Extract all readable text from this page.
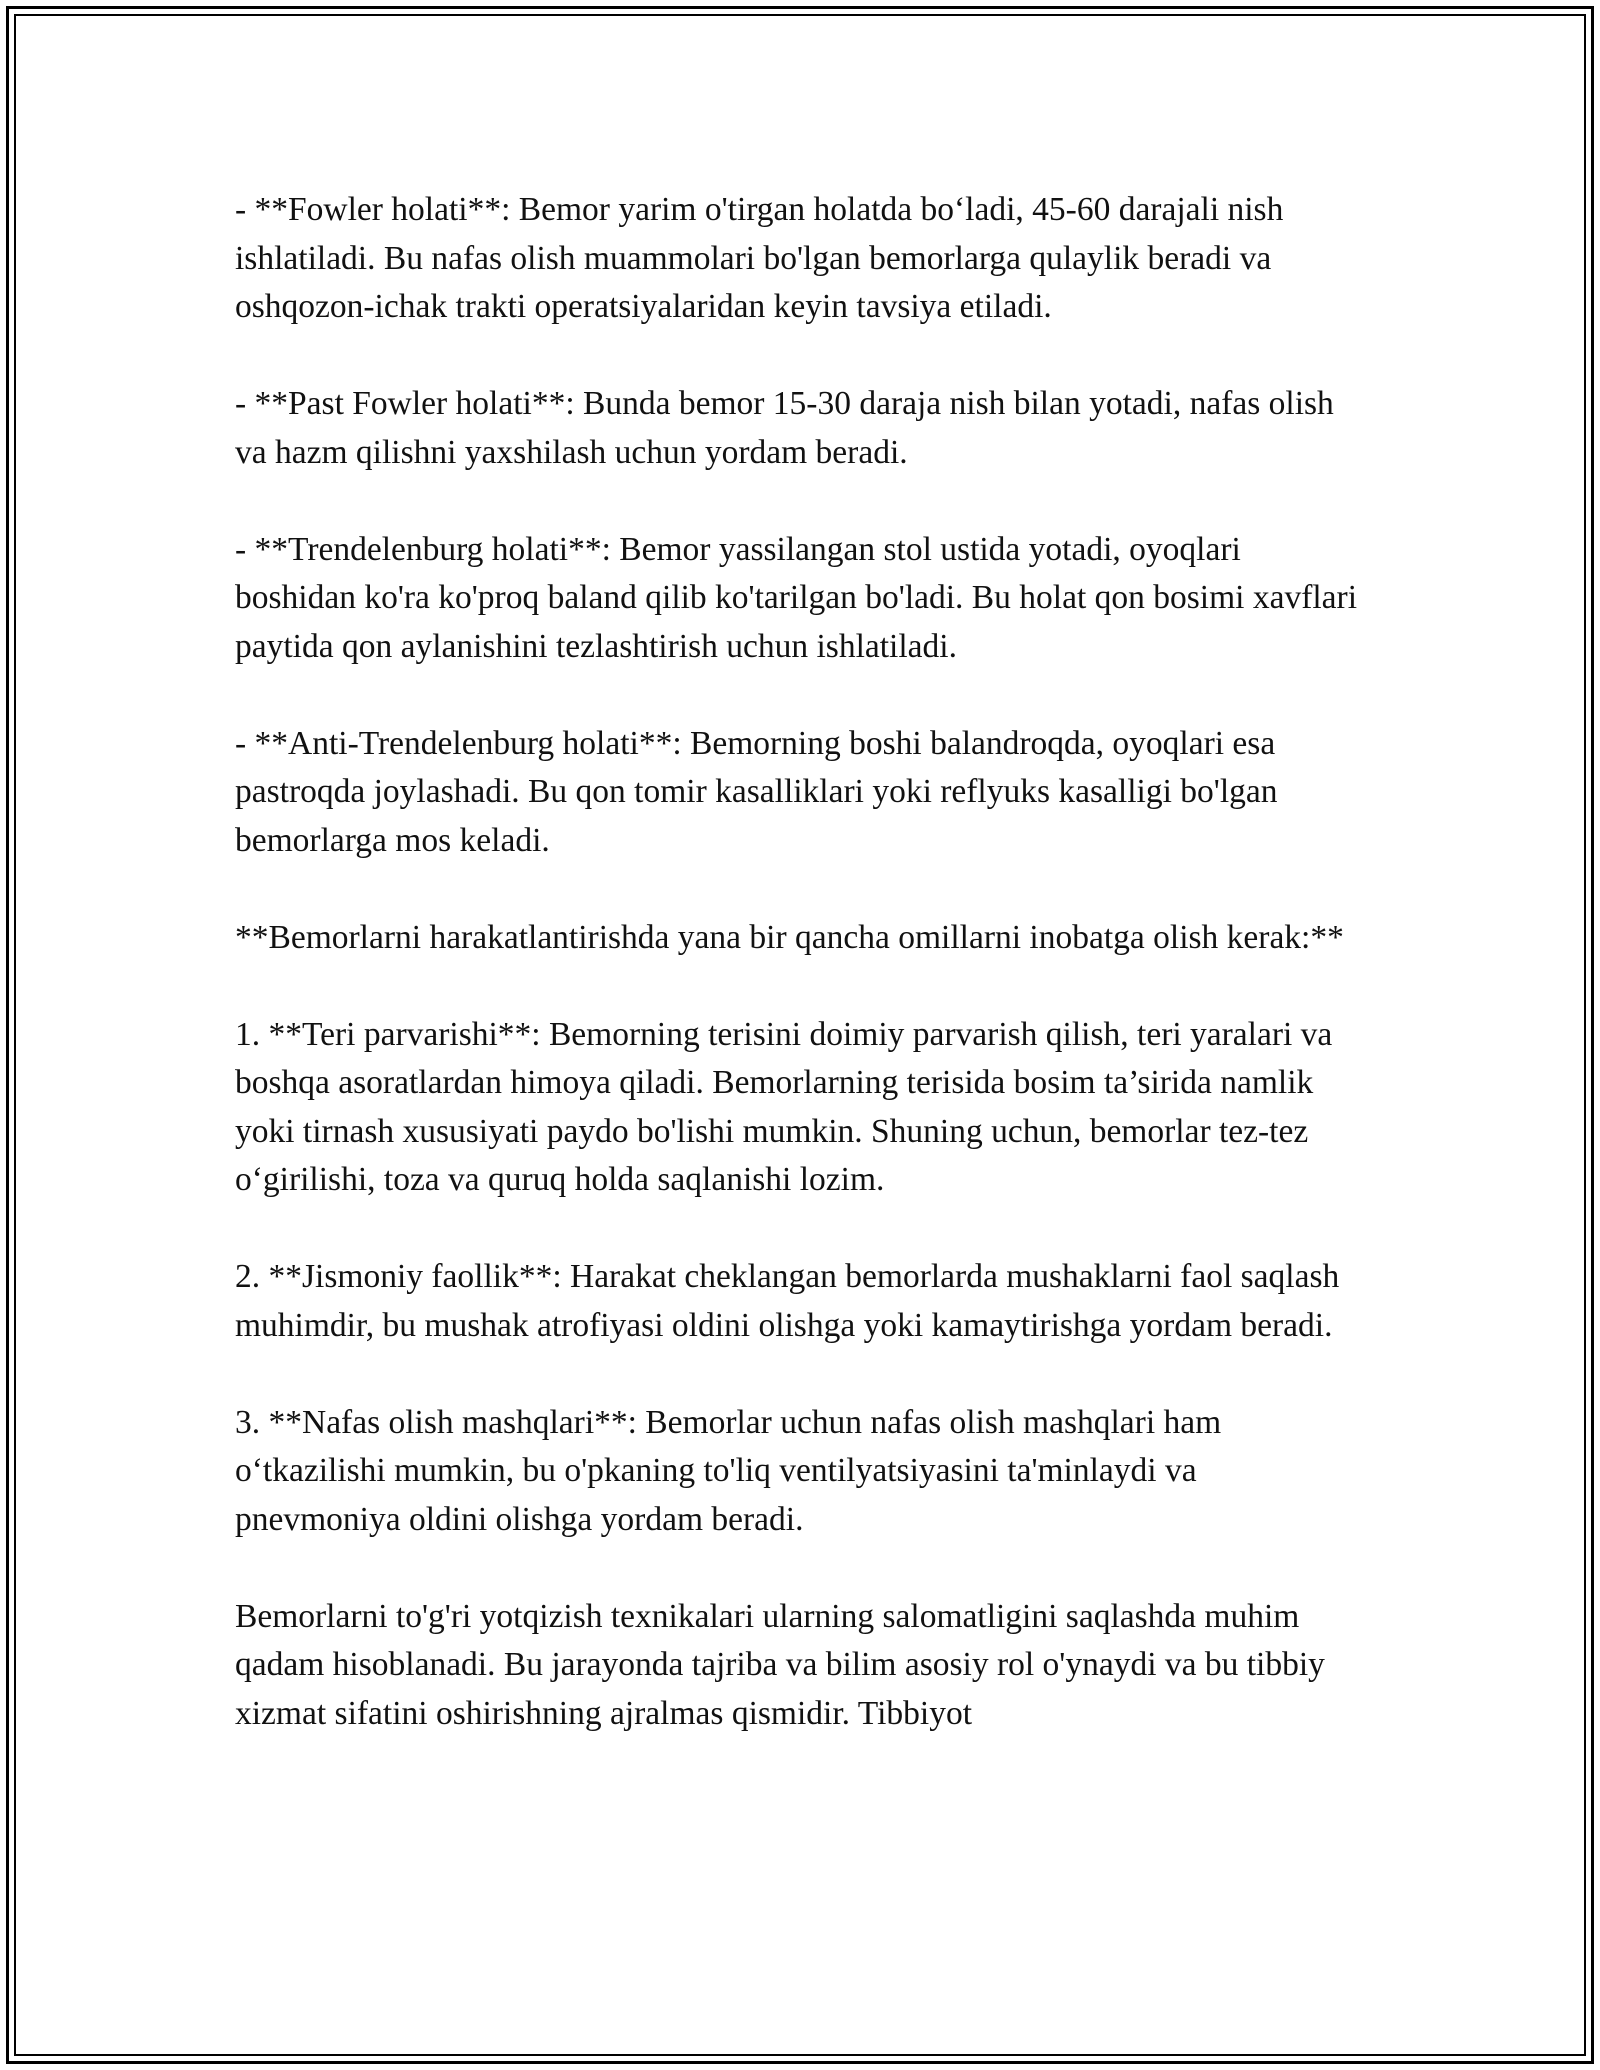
- **Fowler holati**: Bemor yarim o'tirgan holatda bo‘ladi, 45-60 darajali nish ishlatiladi. Bu nafas olish muammolari bo'lgan bemorlarga qulaylik beradi va oshqozon-ichak trakti operatsiyalaridan keyin tavsiya etiladi.

- **Past Fowler holati**: Bunda bemor 15-30 daraja nish bilan yotadi, nafas olish va hazm qilishni yaxshilash uchun yordam beradi.

- **Trendelenburg holati**: Bemor yassilangan stol ustida yotadi, oyoqlari boshidan ko'ra ko'proq baland qilib ko'tarilgan bo'ladi. Bu holat qon bosimi xavflari paytida qon aylanishini tezlashtirish uchun ishlatiladi.

- **Anti-Trendelenburg holati**: Bemorning boshi balandroqda, oyoqlari esa pastroqda joylashadi. Bu qon tomir kasalliklari yoki reflyuks kasalligi bo'lgan bemorlarga mos keladi.

**Bemorlarni harakatlantirishda yana bir qancha omillarni inobatga olish kerak:**

1. **Teri parvarishi**: Bemorning terisini doimiy parvarish qilish, teri yaralari va boshqa asoratlardan himoya qiladi. Bemorlarning terisida bosim ta’sirida namlik yoki tirnash xususiyati paydo bo'lishi mumkin. Shuning uchun, bemorlar tez-tez o‘girilishi, toza va quruq holda saqlanishi lozim.

2. **Jismoniy faollik**: Harakat cheklangan bemorlarda mushaklarni faol saqlash muhimdir, bu mushak atrofiyasi oldini olishga yoki kamaytirishga yordam beradi.

3. **Nafas olish mashqlari**: Bemorlar uchun nafas olish mashqlari ham o‘tkazilishi mumkin, bu o'pkaning to'liq ventilyatsiyasini ta'minlaydi va pnevmoniya oldini olishga yordam beradi.

Bemorlarni to'g'ri yotqizish texnikalari ularning salomatligini saqlashda muhim qadam hisoblanadi. Bu jarayonda tajriba va bilim asosiy rol o'ynaydi va bu tibbiy xizmat sifatini oshirishning ajralmas qismidir. Tibbiyot
